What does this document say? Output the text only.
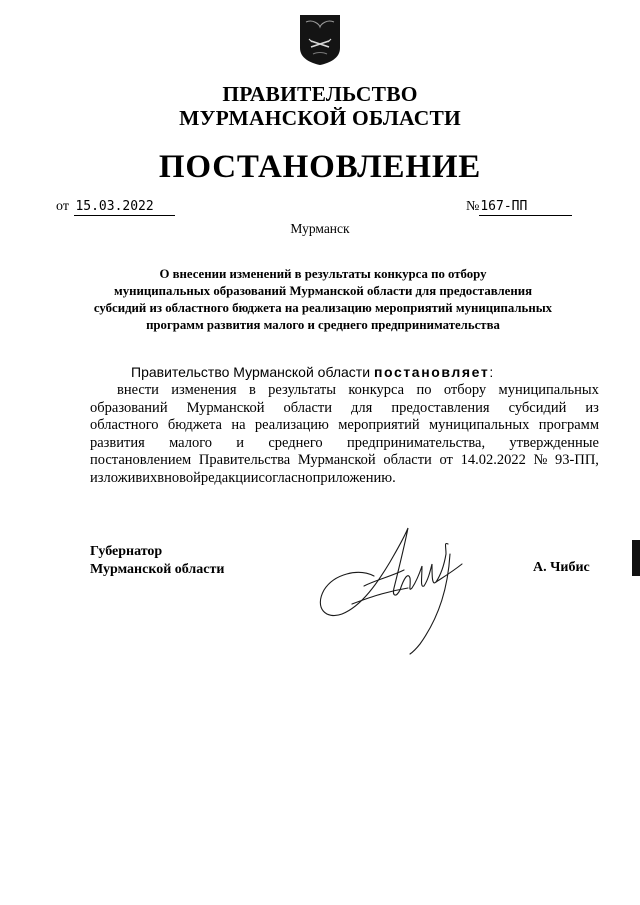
ПРАВИТЕЛЬСТВО
МУРМАНСКОЙ ОБЛАСТИ
ПОСТАНОВЛЕНИЕ
от 15.03.2022	№167-ПП
Мурманск
О внесении изменений в результаты конкурса по отбору
муниципальных образований Мурманской области для предоставления
субсидий из областного бюджета на реализацию мероприятий муниципальных
программ развития малого и среднего предпринимательства
Правительство Мурманской области постановляет:
внести изменения в результаты конкурса по отбору муниципальных
образований Мурманской области для предоставления субсидий из
областного бюджета на реализацию мероприятий муниципальных программ
развития малого и среднего предпринимательства, утвержденные
постановлением Правительства Мурманской области от 14.02.2022 № 93-ПП,
изложив их в новой редакции согласно приложению.
Губернатор
Мурманской области	А. Чибис
